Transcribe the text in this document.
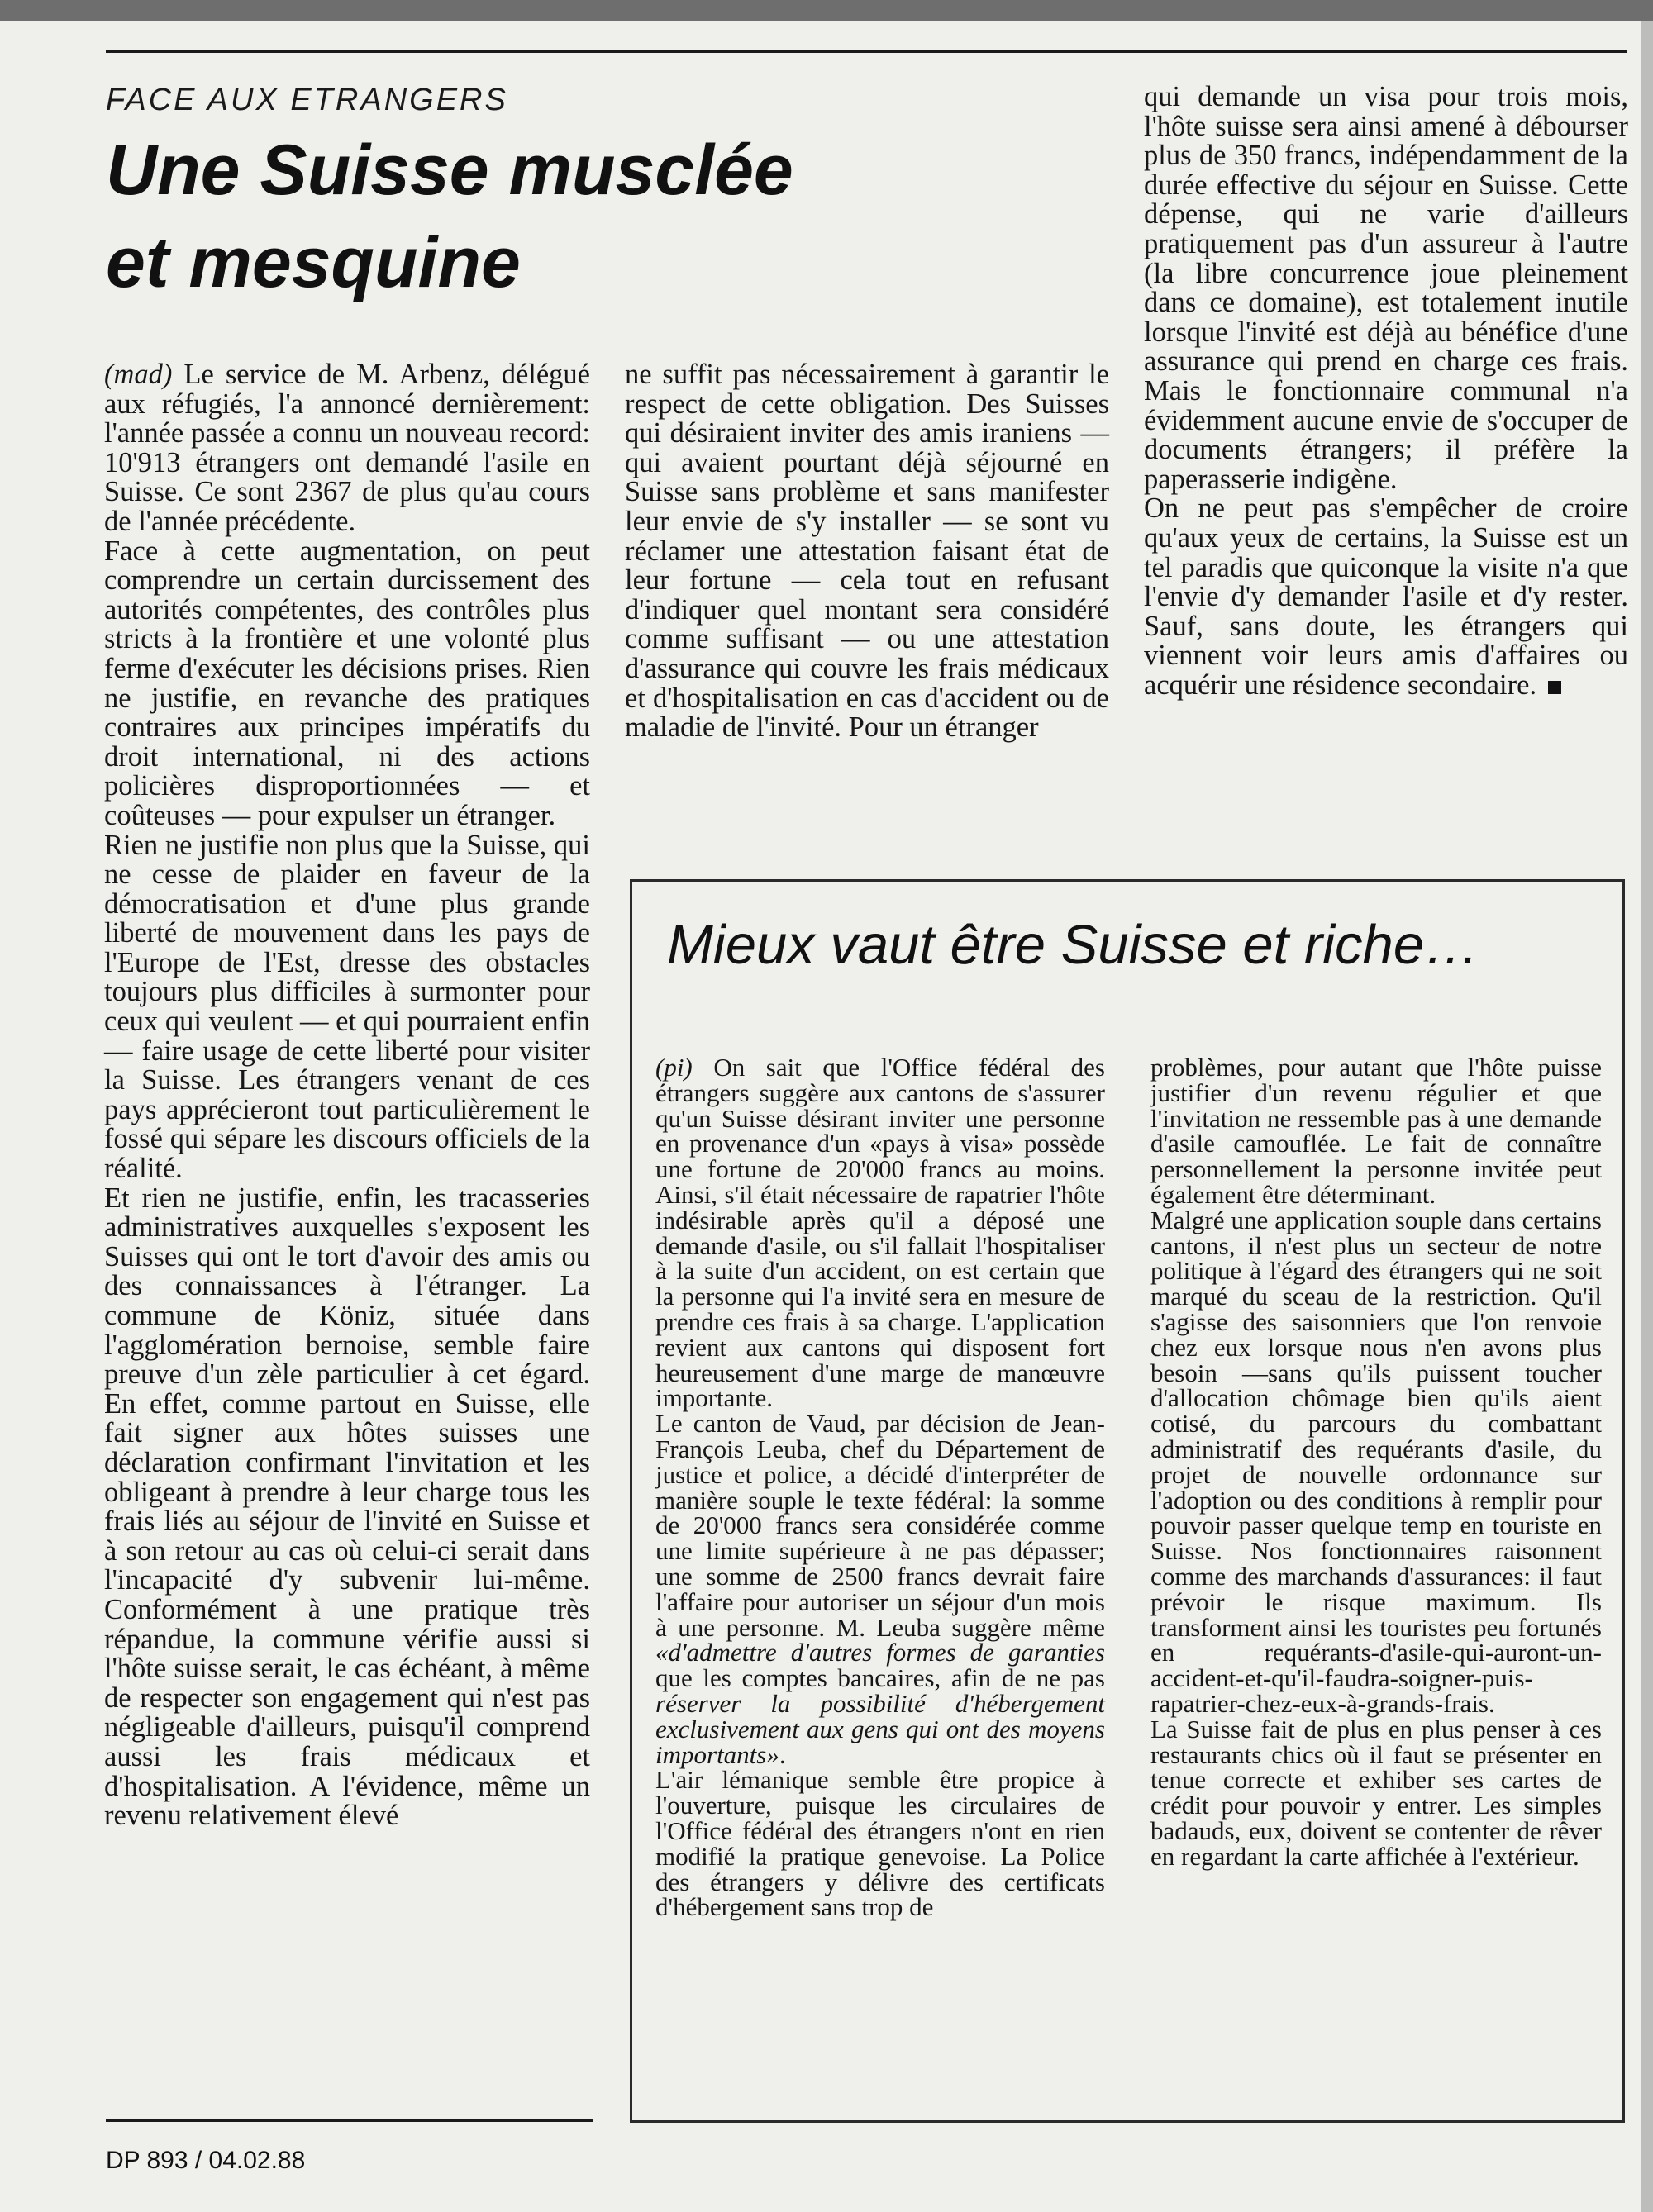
FACE AUX ETRANGERS
Une Suisse musclée et mesquine

(mad) Le service de M. Arbenz, délégué aux réfugiés, l'a annoncé dernièrement: l'année passée a connu un nouveau record: 10'913 étrangers ont demandé l'asile en Suisse. Ce sont 2367 de plus qu'au cours de l'année précédente.

Face à cette augmentation, on peut comprendre un certain durcissement des autorités compétentes, des contrôles plus stricts à la frontière et une volonté plus ferme d'exécuter les décisions prises. Rien ne justifie, en revanche des pratiques contraires aux principes impératifs du droit international, ni des actions policières disproportionnées — et coûteuses — pour expulser un étranger.

Rien ne justifie non plus que la Suisse, qui ne cesse de plaider en faveur de la démocratisation et d'une plus grande liberté de mouvement dans les pays de l'Europe de l'Est, dresse des obstacles toujours plus difficiles à surmonter pour ceux qui veulent — et qui pourraient enfin — faire usage de cette liberté pour visiter la Suisse. Les étrangers venant de ces pays apprécieront tout particulièrement le fossé qui sépare les discours officiels de la réalité.

Et rien ne justifie, enfin, les tracasseries administratives auxquelles s'exposent les Suisses qui ont le tort d'avoir des amis ou des connaissances à l'étranger. La commune de Köniz, située dans l'agglomération bernoise, semble faire preuve d'un zèle particulier à cet égard. En effet, comme partout en Suisse, elle fait signer aux hôtes suisses une déclaration confirmant l'invitation et les obligeant à prendre à leur charge tous les frais liés au séjour de l'invité en Suisse et à son retour au cas où celui-ci serait dans l'incapacité d'y subvenir lui-même. Conformément à une pratique très répandue, la commune vérifie aussi si l'hôte suisse serait, le cas échéant, à même de respecter son engagement qui n'est pas négligeable d'ailleurs, puisqu'il comprend aussi les frais médicaux et d'hospitalisation. A l'évidence, même un revenu relativement élevé

ne suffit pas nécessairement à garantir le respect de cette obligation. Des Suisses qui désiraient inviter des amis iraniens — qui avaient pourtant déjà séjourné en Suisse sans problème et sans manifester leur envie de s'y installer — se sont vu réclamer une attestation faisant état de leur fortune — cela tout en refusant d'indiquer quel montant sera considéré comme suffisant — ou une attestation d'assurance qui couvre les frais médicaux et d'hospitalisation en cas d'accident ou de maladie de l'invité. Pour un étranger

qui demande un visa pour trois mois, l'hôte suisse sera ainsi amené à débourser plus de 350 francs, indépendamment de la durée effective du séjour en Suisse. Cette dépense, qui ne varie d'ailleurs pratiquement pas d'un assureur à l'autre (la libre concurrence joue pleinement dans ce domaine), est totalement inutile lorsque l'invité est déjà au bénéfice d'une assurance qui prend en charge ces frais. Mais le fonctionnaire communal n'a évidemment aucune envie de s'occuper de documents étrangers; il préfère la paperasserie indigène.

On ne peut pas s'empêcher de croire qu'aux yeux de certains, la Suisse est un tel paradis que quiconque la visite n'a que l'envie d'y demander l'asile et d'y rester. Sauf, sans doute, les étrangers qui viennent voir leurs amis d'affaires ou acquérir une résidence secondaire.

Mieux vaut être Suisse et riche…

(pi) On sait que l'Office fédéral des étrangers suggère aux cantons de s'assurer qu'un Suisse désirant inviter une personne en provenance d'un «pays à visa» possède une fortune de 20'000 francs au moins. Ainsi, s'il était nécessaire de rapatrier l'hôte indésirable après qu'il a déposé une demande d'asile, ou s'il fallait l'hospitaliser à la suite d'un accident, on est certain que la personne qui l'a invité sera en mesure de prendre ces frais à sa charge. L'application revient aux cantons qui disposent fort heureusement d'une marge de manœuvre importante.

Le canton de Vaud, par décision de Jean-François Leuba, chef du Département de justice et police, a décidé d'interpréter de manière souple le texte fédéral: la somme de 20'000 francs sera considérée comme une limite supérieure à ne pas dépasser; une somme de 2500 francs devrait faire l'affaire pour autoriser un séjour d'un mois à une personne. M. Leuba suggère même «d'admettre d'autres formes de garanties que les comptes bancaires, afin de ne pas réserver la possibilité d'hébergement exclusivement aux gens qui ont des moyens importants».

L'air lémanique semble être propice à l'ouverture, puisque les circulaires de l'Office fédéral des étrangers n'ont en rien modifié la pratique genevoise. La Police des étrangers y délivre des certificats d'hébergement sans trop de

problèmes, pour autant que l'hôte puisse justifier d'un revenu régulier et que l'invitation ne ressemble pas à une demande d'asile camouflée. Le fait de connaître personnellement la personne invitée peut également être déterminant.

Malgré une application souple dans certains cantons, il n'est plus un secteur de notre politique à l'égard des étrangers qui ne soit marqué du sceau de la restriction. Qu'il s'agisse des saisonniers que l'on renvoie chez eux lorsque nous n'en avons plus besoin —sans qu'ils puissent toucher d'allocation chômage bien qu'ils aient cotisé, du parcours du combattant administratif des requérants d'asile, du projet de nouvelle ordonnance sur l'adoption ou des conditions à remplir pour pouvoir passer quelque temp en touriste en Suisse. Nos fonctionnaires raisonnent comme des marchands d'assurances: il faut prévoir le risque maximum. Ils transforment ainsi les touristes peu fortunés en requérants-d'asile-qui-auront-un-accident-et-qu'il-faudra-soigner-puis-rapatrier-chez-eux-à-grands-frais.

La Suisse fait de plus en plus penser à ces restaurants chics où il faut se présenter en tenue correcte et exhiber ses cartes de crédit pour pouvoir y entrer. Les simples badauds, eux, doivent se contenter de rêver en regardant la carte affichée à l'extérieur.

DP 893 / 04.02.88
